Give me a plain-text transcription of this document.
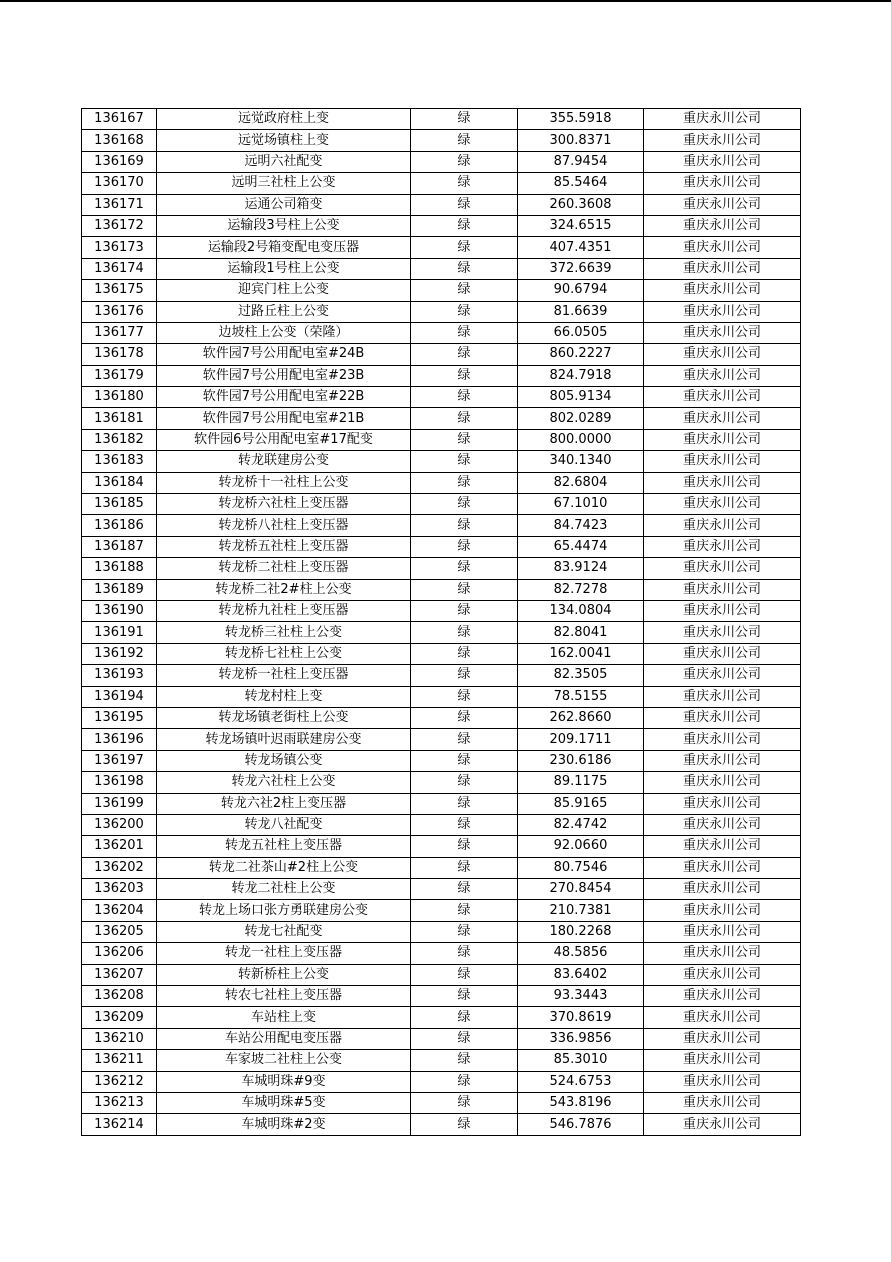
136167	远觉政府柱上变	绿	355.5918	重庆永川公司
136168	远觉场镇柱上变	绿	300.8371	重庆永川公司
136169	远明六社配变	绿	87.9454	重庆永川公司
136170	远明三社柱上公变	绿	85.5464	重庆永川公司
136171	运通公司箱变	绿	260.3608	重庆永川公司
136172	运输段3号柱上公变	绿	324.6515	重庆永川公司
136173	运输段2号箱变配电变压器	绿	407.4351	重庆永川公司
136174	运输段1号柱上公变	绿	372.6639	重庆永川公司
136175	迎宾门柱上公变	绿	90.6794	重庆永川公司
136176	过路丘柱上公变	绿	81.6639	重庆永川公司
136177	边坡柱上公变（荣隆）	绿	66.0505	重庆永川公司
136178	软件园7号公用配电室#24B	绿	860.2227	重庆永川公司
136179	软件园7号公用配电室#23B	绿	824.7918	重庆永川公司
136180	软件园7号公用配电室#22B	绿	805.9134	重庆永川公司
136181	软件园7号公用配电室#21B	绿	802.0289	重庆永川公司
136182	软件园6号公用配电室#17配变	绿	800.0000	重庆永川公司
136183	转龙联建房公变	绿	340.1340	重庆永川公司
136184	转龙桥十一社柱上公变	绿	82.6804	重庆永川公司
136185	转龙桥六社柱上变压器	绿	67.1010	重庆永川公司
136186	转龙桥八社柱上变压器	绿	84.7423	重庆永川公司
136187	转龙桥五社柱上变压器	绿	65.4474	重庆永川公司
136188	转龙桥二社柱上变压器	绿	83.9124	重庆永川公司
136189	转龙桥二社2#柱上公变	绿	82.7278	重庆永川公司
136190	转龙桥九社柱上变压器	绿	134.0804	重庆永川公司
136191	转龙桥三社柱上公变	绿	82.8041	重庆永川公司
136192	转龙桥七社柱上公变	绿	162.0041	重庆永川公司
136193	转龙桥一社柱上变压器	绿	82.3505	重庆永川公司
136194	转龙村柱上变	绿	78.5155	重庆永川公司
136195	转龙场镇老街柱上公变	绿	262.8660	重庆永川公司
136196	转龙场镇叶迟雨联建房公变	绿	209.1711	重庆永川公司
136197	转龙场镇公变	绿	230.6186	重庆永川公司
136198	转龙六社柱上公变	绿	89.1175	重庆永川公司
136199	转龙六社2柱上变压器	绿	85.9165	重庆永川公司
136200	转龙八社配变	绿	82.4742	重庆永川公司
136201	转龙五社柱上变压器	绿	92.0660	重庆永川公司
136202	转龙二社茶山#2柱上公变	绿	80.7546	重庆永川公司
136203	转龙二社柱上公变	绿	270.8454	重庆永川公司
136204	转龙上场口张方勇联建房公变	绿	210.7381	重庆永川公司
136205	转龙七社配变	绿	180.2268	重庆永川公司
136206	转龙一社柱上变压器	绿	48.5856	重庆永川公司
136207	转新桥柱上公变	绿	83.6402	重庆永川公司
136208	转农七社柱上变压器	绿	93.3443	重庆永川公司
136209	车站柱上变	绿	370.8619	重庆永川公司
136210	车站公用配电变压器	绿	336.9856	重庆永川公司
136211	车家坡二社柱上公变	绿	85.3010	重庆永川公司
136212	车城明珠#9变	绿	524.6753	重庆永川公司
136213	车城明珠#5变	绿	543.8196	重庆永川公司
136214	车城明珠#2变	绿	546.7876	重庆永川公司
